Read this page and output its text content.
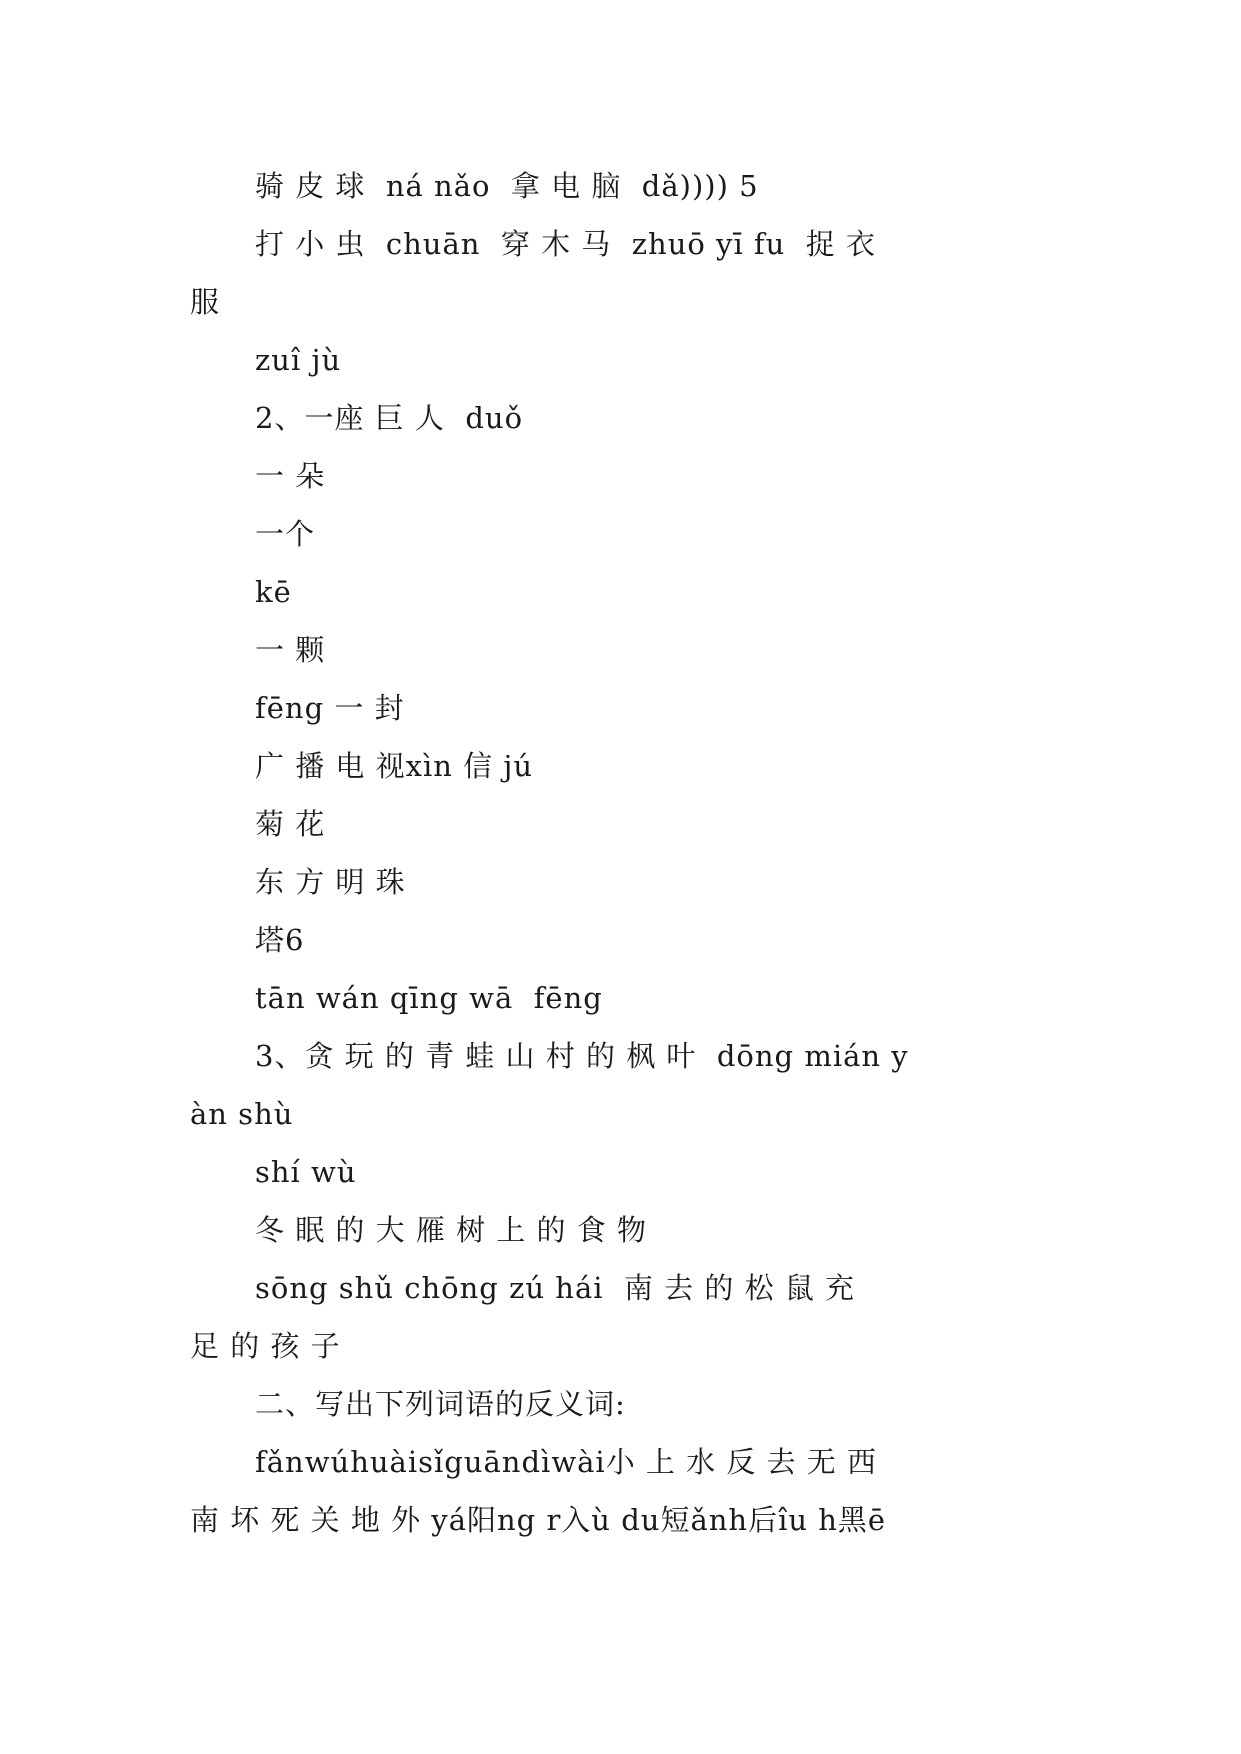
骑 皮 球  ná nǎo  拿 电 脑  dǎ)))) 5
打 小 虫  chuān  穿 木 马  zhuō yī fu  捉 衣
服
zuî jù
2、一座 巨 人  duǒ
一 朵
一个
kē
一 颗
fēng 一 封
广 播 电 视xìn 信 jú
菊 花
东 方 明 珠
塔6
tān wán qīng wā  fēng
3、贪 玩 的 青 蛙 山 村 的 枫 叶  dōng mián y
àn shù
shí wù
冬 眠 的 大 雁 树 上 的 食 物
sōng shǔ chōng zú hái  南 去 的 松 鼠 充
足 的 孩 子
二、写出下列词语的反义词:
fǎnwúhuàisǐguāndìwài小 上 水 反 去 无 西
南 坏 死 关 地 外 yá阳ng r入ù du短ǎnh后îu h黑ē
